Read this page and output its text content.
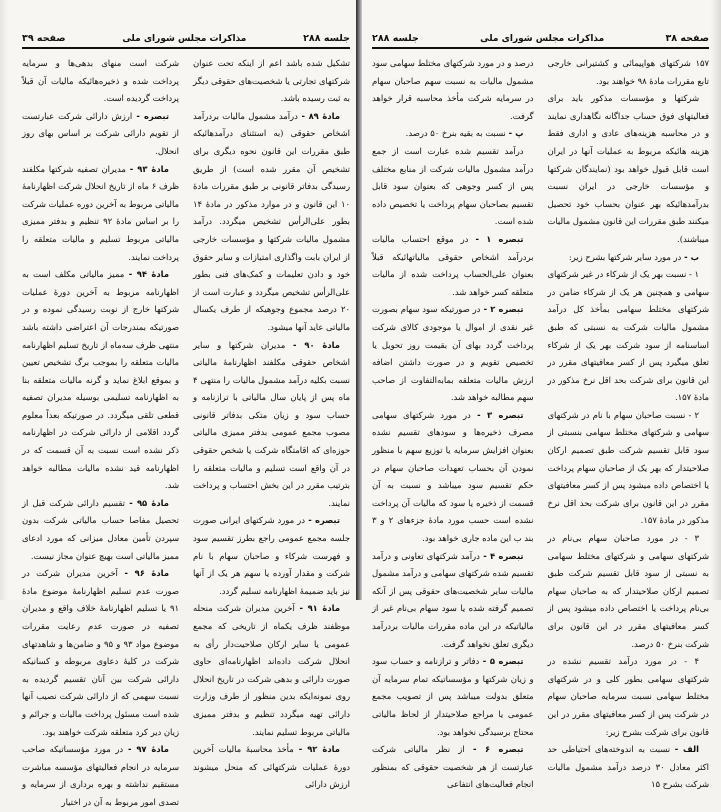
جلسه ۲۸۸
مذاکرات مجلس شورای ملی
صفحه ۳۹

تشکیل شده باشد اعم از اینکه تحت عنوان شرکتهای تجارتی یا شخصیت‌های حقوقی دیگر به ثبت رسیده باشد.

مادهٔ ۸۹ - درآمد مشمول مالیات بردرآمد اشخاص حقوقی (به استثنای درآمدهائیکه طبق مقررات این قانون نحوه دیگری برای تشخیص آن مقرر شده است) از طریق رسیدگی بدفاتر قانونی بر طبق مقررات مادهٔ ۱۰ این قانون و در موارد مذکور در مادهٔ ۱۴ بطور علی‌الرأس تشخیص میگردد. درآمد مشمول مالیات شرکتها و مؤسسات خارجی از ایران بابت واگذاری امتیازات و سایر حقوق خود و دادن تعلیمات و کمک‌های فنی بطور علی‌الرأس تشخیص میگردد و عبارت است از ۲۰ درصد مجموع وجوهیکه از طرف یکسال مالیاتی عاید آنها میشود.

مادهٔ ۹۰ - مدیران شرکتها و سایر اشخاص حقوقی مکلفند اظهارنامهٔ مالیاتی نسبت بکلیه درآمد مشمول مالیات را منتهی ۴ ماه پس از پایان سال مالیاتی با ترازنامه و حساب سود و زیان متکی بدفاتر قانونی مصوب مجمع عمومی بدفتر ممیزی مالیاتی حوزه‌ای که اقامتگاه شرکت یا شخص حقوقی در آن واقع است تسلیم و مالیات متعلقه را بترتیب مقرر در این بخش احتساب و پرداخت نمایند.

تبصره - در مورد شرکتهای ایرانی صورت جلسه مجمع عمومی راجع بطرز تقسیم سود و فهرست شرکاء و صاحبان سهام با نام شرکت و مقدار آورده یا سهم هر یک از آنها نیز باید ضمیمهٔ اظهارنامه تسلیم گردد.

مادهٔ ۹۱ - آخرین مدیران شرکت منحله موظفند ظرف یکماه از تاریخی که مجمع عمومی یا سایر ارکان صلاحیت‌دار رأی به انحلال شرکت داده‌اند اظهارنامه‌ای حاوی صورت دارائی و بدهی شرکت در تاریخ انحلال روی نمونه‌ایکه بدین منظور از طرف وزارت دارائی تهیه میگردد تنظیم و بدفتر ممیزی مالیاتی مربوط تسلیم نمایند.

مادهٔ ۹۲ - مأخذ محاسبهٔ مالیات آخرین دورهٔ عملیات شرکتهائی که منحل میشوند ارزش دارائی

شرکت است منهای بدهی‌ها و سرمایه پرداخت شده و ذخیره‌هائیکه مالیات آن قبلاً پرداخت گردیده است.

تبصره - ارزش دارائی شرکت عبارتست از تقویم دارائی شرکت بر اساس بهای روز انحلال.

مادهٔ ۹۳ - مدیران تصفیه شرکتها مکلفند ظرف ۶ ماه از تاریخ انحلال شرکت اظهارنامهٔ مالیاتی مربوط به آخرین دوره عملیات شرکت را بر اساس مادهٔ ۹۲ تنظیم و بدفتر ممیزی مالیاتی مربوط تسلیم و مالیات متعلقه را پرداخت نمایند.

مادهٔ ۹۴ - ممیز مالیاتی مکلف است به اظهارنامه مربوط به آخرین دورهٔ عملیات شرکتها خارج از نوبت رسیدگی نموده و در صورتیکه بمندرجات آن اعتراضی داشته باشد منتهی ظرف سه‌ماه از تاریخ تسلیم اظهارنامه مالیات متعلقه را بموجب برگ تشخیص تعیین و بموقع ابلاغ نماید و گرنه مالیات متعلقه بنا به اظهارنامه تسلیمی بوسیله مدیران تصفیه قطعی تلقی میگردد. در صورتیکه بعداً معلوم گردد اقلامی از دارائی شرکت در اظهارنامه ذکر نشده است نسبت به آن قسمت که در اظهارنامه قید نشده مالیات مطالبه خواهد شد.

مادهٔ ۹۵ - تقسیم دارائی شرکت قبل از تحصیل مفاصا حساب مالیاتی شرکت بدون سپردن تأمین معادل میزانی که مورد ادعای ممیز مالیاتی است بهیچ عنوان مجاز نیست.

مادهٔ ۹۶ - آخرین مدیران شرکت در صورت عدم تسلیم اظهارنامهٔ موضوع مادهٔ ۹۱ یا تسلیم اظهارنامهٔ خلاف واقع و مدیران تصفیه در صورت عدم رعایت مقررات موضوع مواد ۹۳ و ۹۵ و ضامن‌ها و شاهدتهای شرکت در کلیهٔ دعاوی مربوطه و کسانیکه دارائی شرکت بین آنان تقسیم گردیده به نسبت سهمی که از دارائی شرکت نصیب آنها شده است مسئول پرداخت مالیات و جرائم و زیان دیر کرد متعلقه شرکت خواهند بود.

مادهٔ ۹۷ - در مورد مؤسساتیکه صاحب سرمایه در انجام فعالیتهای مؤسسه مباشرت مستقیم نداشته و بهره برداری از سرمایه و تصدی امور مربوط به آن در اختیار

صفحه ۳۸
مذاکرات مجلس شورای ملی
جلسه ۲۸۸

۱۵۷ شرکتهای هواپیمائی و کشتیرانی خارجی تابع مقررات مادهٔ ۹۸ خواهند بود.

شرکتها و مؤسسات مذکور باید برای فعالیتهای فوق حساب جداگانه نگاهداری نمایند و در محاسبه هزینه‌های عادی و اداری فقط هزینه هائیکه مربوط به عملیات آنها در ایران است قابل قبول خواهد بود (نمایندگان شرکتها و مؤسسات خارجی در ایران نسبت بدرآمدهائیکه بهر عنوان بحساب خود تحصیل میکنند طبق مقررات این قانون مشمول مالیات میباشند).

ب - در مورد سایر شرکتها بشرح زیر:

۱ - نسبت بهر یک از شرکاء در غیر شرکتهای سهامی و همچنین هر یک از شرکاء ضامن در شرکتهای مختلط سهامی بمأخذ کل درآمد مشمول مالیات شرکت به نسبتی که طبق اساسنامه از سود شرکت بهر یک از شرکاء تعلق میگیرد پس از کسر معافیتهای مقرر در این قانون برای شرکت بحد اقل نرخ مذکور در مادهٔ ۱۵۷.

۲ - نسبت صاحبان سهام با نام در شرکتهای سهامی و شرکتهای مختلط سهامی بنسبتی از سود قابل تقسیم شرکت طبق تصمیم ارکان صلاحیتدار که بهر یک از صاحبان سهام پرداخت یا اختصاص داده میشود پس از کسر معافیتهای مقرر در این قانون برای شرکت بحد اقل نرخ مذکور در مادهٔ ۱۵۷.

۳ - در مورد صاحبان سهام بی‌نام در شرکتهای سهامی و شرکتهای مختلط سهامی به نسبتی از سود قابل تقسیم شرکت طبق تصمیم ارکان صلاحیتدار که به صاحبان سهام بی‌نام پرداخت یا اختصاص داده میشود پس از کسر معافیتهای مقرر در این قانون برای شرکت بنرخ ۵۰ درصد.

۴ - در مورد درآمد تقسیم نشده در شرکتهای سهامی بطور کلی و در شرکتهای مختلط سهامی نسبت سرمایه صاحبان سهام در شرکت پس از کسر معافیتهای مقرر در این قانون برای شرکت بشرح زیر:

الف - نسبت به اندوخته‌های احتیاطی حد اکثر معادل ۳۰ درصد درآمد مشمول مالیات شرکت بشرح ۱۵

درصد و در مورد شرکتهای مختلط سهامی سود مشمول مالیات به نسبت سهم صاحبان سهام در سرمایه شرکت مأخذ محاسبه قرار خواهد گرفت.

پ - نسبت به بقیه بنرخ ۵۰ درصد.

درآمد تقسیم شده عبارت است از جمع درآمد مشمول مالیات شرکت از منابع مختلف پس از کسر وجوهی که بعنوان سود قابل تقسیم بصاحبان سهام پرداخت یا تخصیص داده شده است.

تبصره ۱ - در موقع احتساب مالیات بردرآمد اشخاص حقوقی مالیاتهائیکه قبلاً بعنوان علی‌الحساب پرداخت شده از مالیات متعلقه کسر خواهد شد.

تبصره ۲ - در صورتیکه سود سهام بصورت غیر نقدی از اموال یا موجودی کالای شرکت پرداخت گردد بهای آن بقیمت روز تحویل یا تخصیص تقویم و در صورت داشتن اضافه ارزش مالیات متعلقه بمابه‌التفاوت از صاحب سهم مطالبه خواهد شد.

تبصره ۳ - در مورد شرکتهای سهامی مصرف ذخیره‌ها و سودهای تقسیم نشده بعنوان افزایش سرمایه یا توزیع سهم با منظور نمودن آن بحساب تعهدات صاحبان سهام در حکم تقسیم سود میباشد و نسبت به آن قسمت از ذخیره یا سود که مالیات آن پرداخت نشده است حسب مورد مادهٔ جزءهای ۲ و ۳ بند ب این ماده جاری خواهد بود.

تبصره ۴ - درآمد شرکتهای تعاونی و درآمد تقسیم شده شرکتهای سهامی و درآمد مشمول مالیات سایر شخصیت‌های حقوقی پس از آنکه تصمیم گرفته شده یا سود سهام بی‌نام غیر از مالیاتیکه در این ماده مقررات مالیات بردرآمد دیگری تعلق نخواهد گرفت.

تبصره ۵ - دفاتر و ترازنامه و حساب سود و زیان شرکتها و مؤسساتیکه تمام سرمایه آن متعلق بدولت میباشد پس از تصویب مجمع عمومی یا مراجع صلاحیتدار از لحاظ مالیاتی محتاج برسیدگی نخواهد بود.

تبصره ۶ - از نظر مالیاتی شرکت عبارتست از هر شخصیت حقوقی که بمنظور انجام فعالیت‌های انتفاعی
